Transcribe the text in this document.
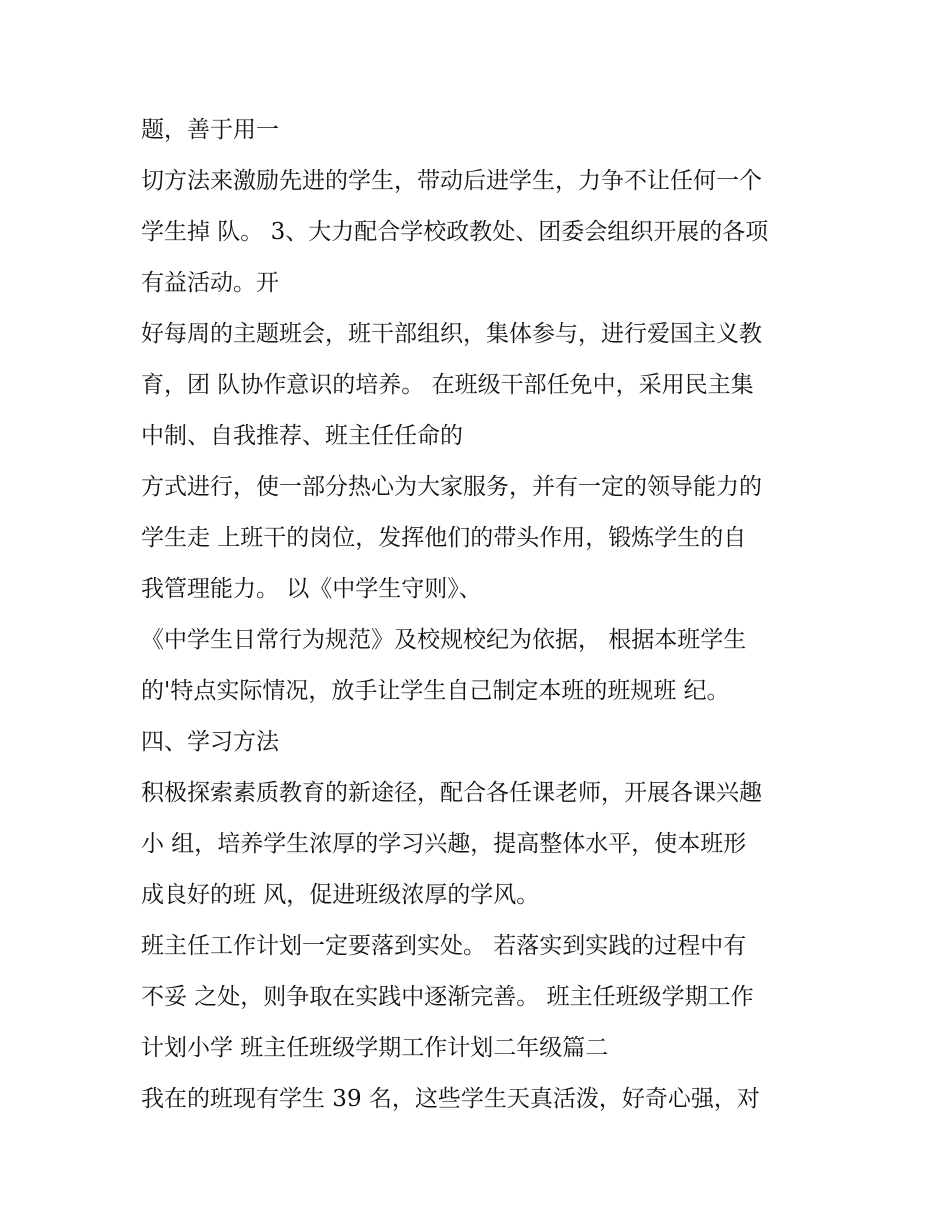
题，善于用一

切方法来激励先进的学生，带动后进学生，力争不让任何一个

学生掉 队。 3、大力配合学校政教处、团委会组织开展的各项

有益活动。开

好每周的主题班会，班干部组织，集体参与，进行爱国主义教

育，团 队协作意识的培养。 在班级干部任免中，采用民主集

中制、自我推荐、班主任任命的

方式进行，使一部分热心为大家服务，并有一定的领导能力的

学生走 上班干的岗位，发挥他们的带头作用，锻炼学生的自

我管理能力。 以《中学生守则》、

《中学生日常行为规范》及校规校纪为依据， 根据本班学生

的'特点实际情况，放手让学生自己制定本班的班规班 纪。

四、学习方法

积极探索素质教育的新途径，配合各任课老师，开展各课兴趣

小 组，培养学生浓厚的学习兴趣，提高整体水平，使本班形

成良好的班 风，促进班级浓厚的学风。

班主任工作计划一定要落到实处。 若落实到实践的过程中有

不妥 之处，则争取在实践中逐渐完善。 班主任班级学期工作

计划小学 班主任班级学期工作计划二年级篇二

我在的班现有学生 39 名，这些学生天真活泼，好奇心强，对
